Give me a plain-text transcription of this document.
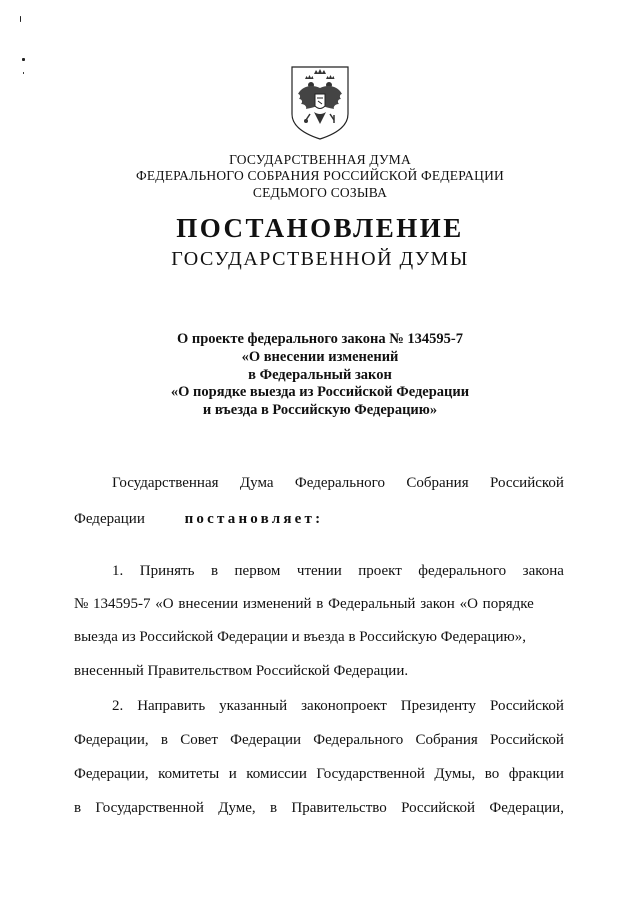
ГОСУДАРСТВЕННАЯ ДУМА
ФЕДЕРАЛЬНОГО СОБРАНИЯ РОССИЙСКОЙ ФЕДЕРАЦИИ
СЕДЬМОГО СОЗЫВА
ПОСТАНОВЛЕНИЕ
ГОСУДАРСТВЕННОЙ ДУМЫ
О проекте федерального закона № 134595-7
«О внесении изменений
в Федеральный закон
«О порядке выезда из Российской Федерации
и въезда в Российскую Федерацию»
Государственная Дума Федерального Собрания Российской
Федерации	постановляет:
1. Принять в первом чтении проект федерального закона
№ 134595-7 «О внесении изменений в Федеральный закон «О порядке
выезда из Российской Федерации и въезда в Российскую Федерацию»,
внесенный Правительством Российской Федерации.
2. Направить указанный законопроект Президенту Российской
Федерации, в Совет Федерации Федерального Собрания Российской
Федерации, комитеты и комиссии Государственной Думы, во фракции
в Государственной Думе, в Правительство Российской Федерации,
